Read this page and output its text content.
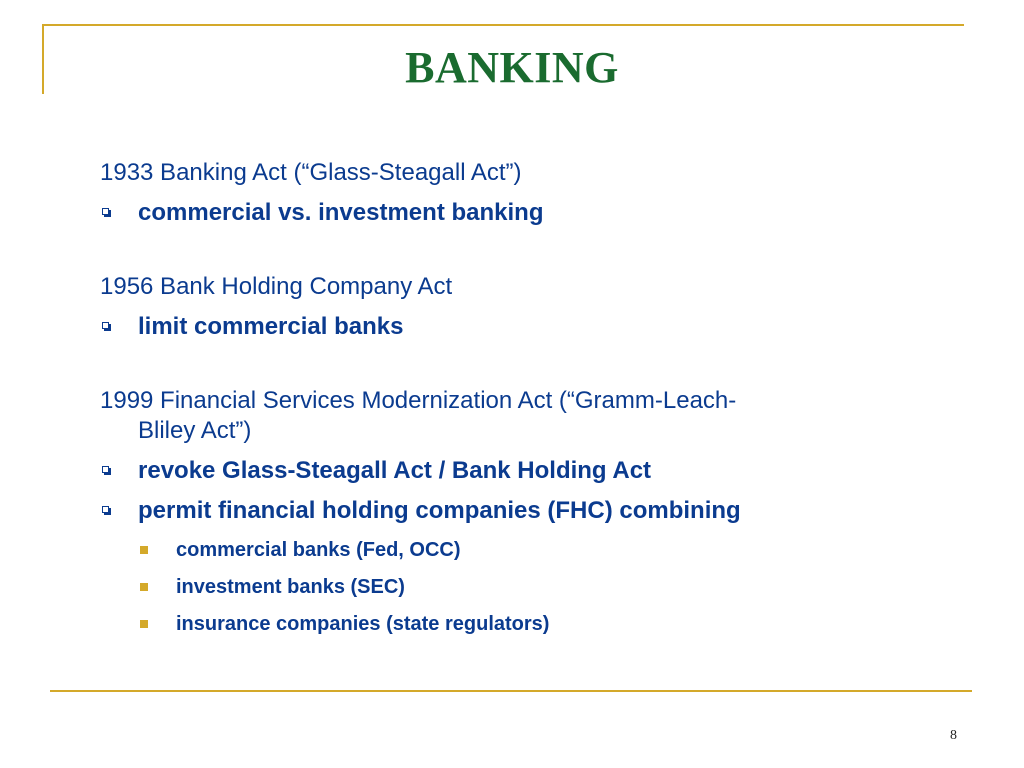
BANKING

1933 Banking Act (“Glass-Steagall Act”)

commercial vs. investment banking

1956 Bank Holding Company Act

limit commercial banks

1999 Financial Services Modernization Act (“Gramm-Leach-

Bliley Act”)

revoke Glass-Steagall Act / Bank Holding Act
permit financial holding companies (FHC) combining
commercial banks (Fed, OCC)
investment banks (SEC)
insurance companies (state regulators)
8
